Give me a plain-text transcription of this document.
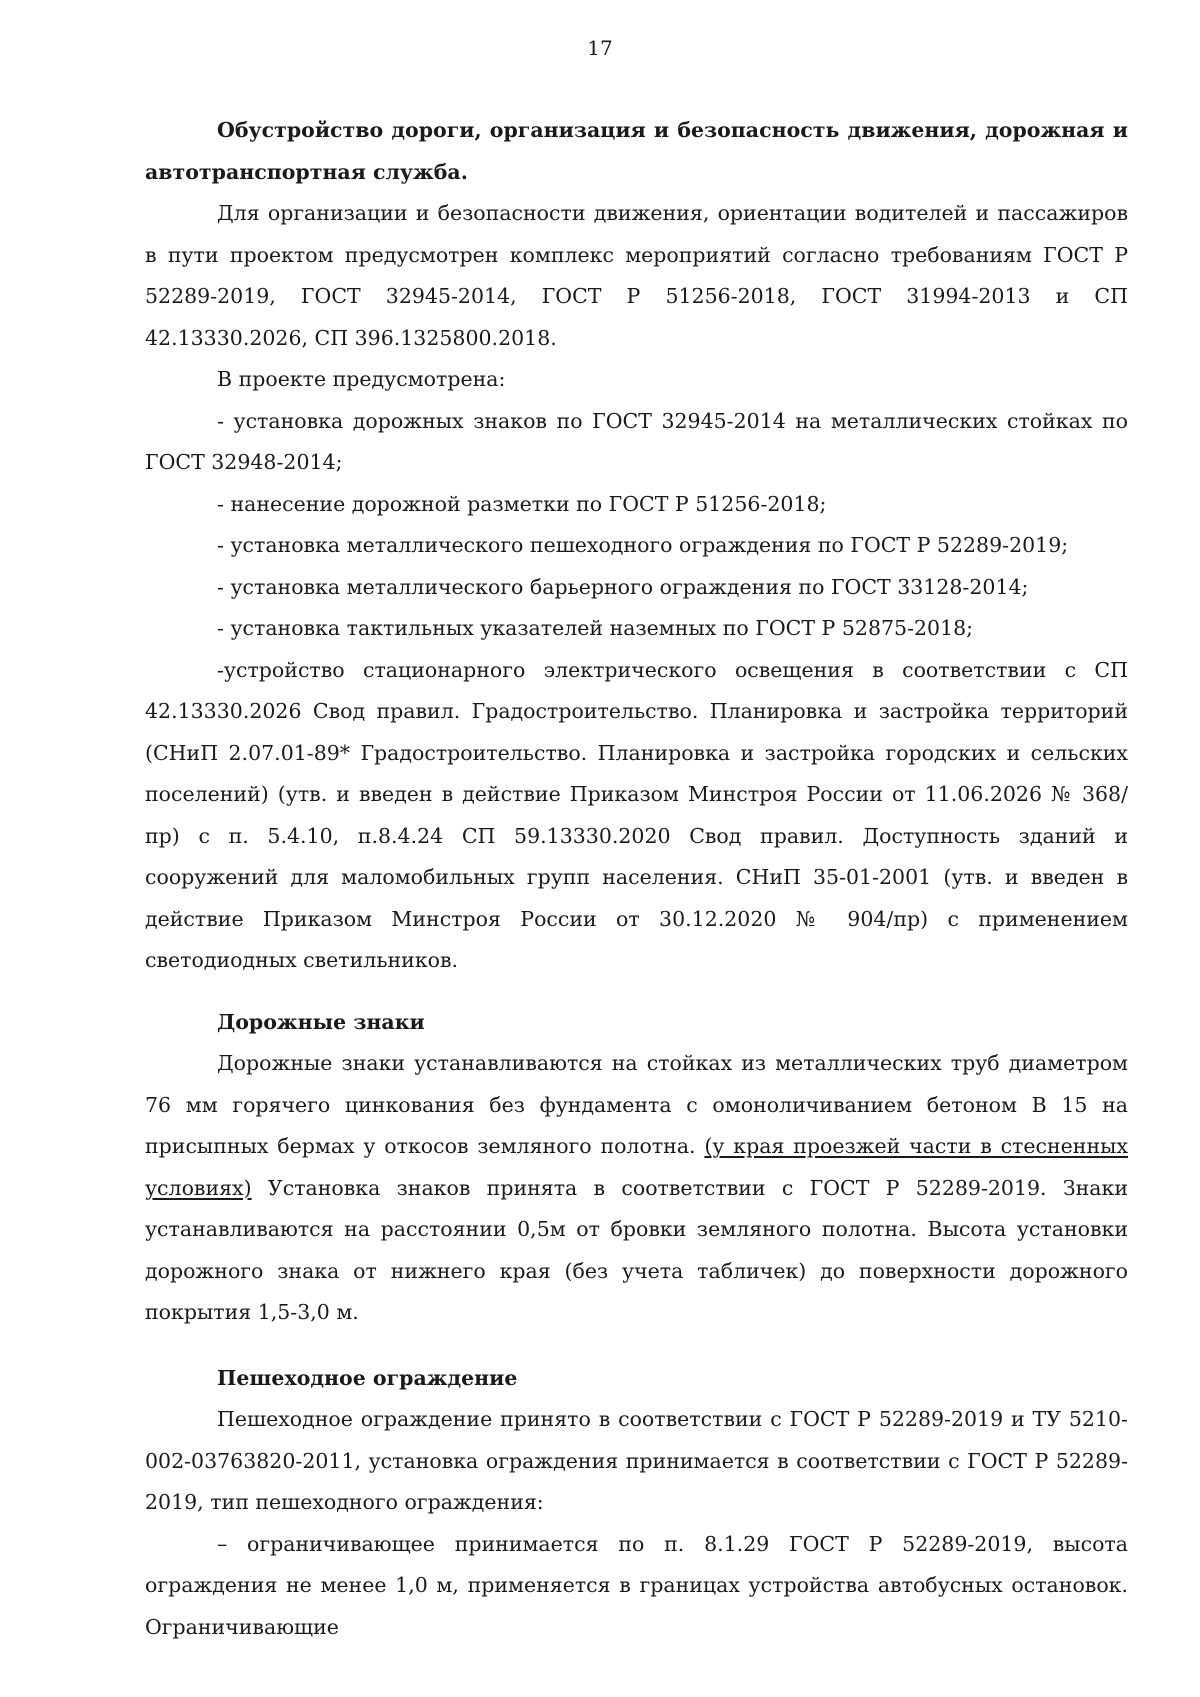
17

Обустройство дороги, организация и безопасность движения, дорожная и автотранспортная служба.

Для организации и безопасности движения, ориентации водителей и пассажиров в пути проектом предусмотрен комплекс мероприятий согласно требованиям ГОСТ Р 52289-2019, ГОСТ 32945-2014, ГОСТ Р 51256-2018, ГОСТ 31994-2013 и СП 42.13330.2026, СП 396.1325800.2018.

В проекте предусмотрена:

- установка дорожных знаков по ГОСТ 32945-2014 на металлических стойках по ГОСТ 32948-2014;

- нанесение дорожной разметки по ГОСТ Р 51256-2018;

- установка металлического пешеходного ограждения по ГОСТ Р 52289-2019;

- установка металлического барьерного ограждения по ГОСТ 33128-2014;

- установка тактильных указателей наземных по ГОСТ Р 52875-2018;

-устройство стационарного электрического освещения в соответствии с СП 42.13330.2026 Свод правил. Градостроительство. Планировка и застройка территорий (СНиП 2.07.01-89* Градостроительство. Планировка и застройка городских и сельских поселений) (утв. и введен в действие Приказом Минстроя России от 11.06.2026 № 368/пр) с п. 5.4.10, п.8.4.24 СП 59.13330.2020 Свод правил. Доступность зданий и сооружений для маломобильных групп населения. СНиП 35-01-2001 (утв. и введен в действие Приказом Минстроя России от 30.12.2020 № 904/пр) с применением светодиодных светильников.

Дорожные знаки

Дорожные знаки устанавливаются на стойках из металлических труб диаметром 76 мм горячего цинкования без фундамента с омоноличиванием бетоном В 15 на присыпных бермах у откосов земляного полотна. (у края проезжей части в стесненных условиях) Установка знаков принята в соответствии с ГОСТ Р 52289-2019. Знаки устанавливаются на расстоянии 0,5м от бровки земляного полотна. Высота установки дорожного знака от нижнего края (без учета табличек) до поверхности дорожного покрытия 1,5-3,0 м.

Пешеходное ограждение

Пешеходное ограждение принято в соответствии с ГОСТ Р 52289-2019 и ТУ 5210-002-03763820-2011, установка ограждения принимается в соответствии с ГОСТ Р 52289-2019, тип пешеходного ограждения:

– ограничивающее принимается по п. 8.1.29 ГОСТ Р 52289-2019, высота ограждения не менее 1,0 м, применяется в границах устройства автобусных остановок. Ограничивающие
